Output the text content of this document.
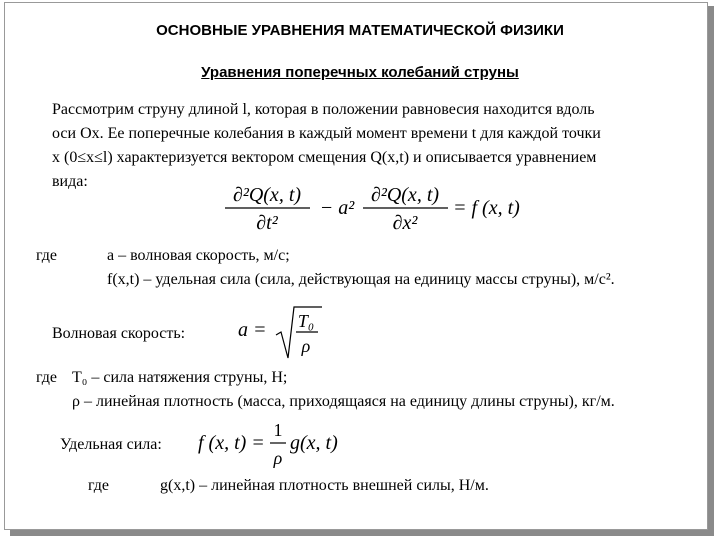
ОСНОВНЫЕ УРАВНЕНИЯ МАТЕМАТИЧЕСКОЙ ФИЗИКИ
Уравнения поперечных колебаний струны
Рассмотрим струну длиной l, которая в положении равновесия находится вдоль
оси Ох. Ее поперечные колебания в каждый момент времени t для каждой точки
x (0≤x≤l) характеризуется вектором смещения Q(x,t) и описывается уравнением
вида:
∂²Q(x, t)
∂t²
− a²
∂²Q(x, t)
∂x²
= f (x, t)
где	a – волновая скорость, м/с;
f(x,t) – удельная сила (сила, действующая на единицу массы струны), м/с².
Волновая скорость:	a = T₀
ρ
где T₀ – сила натяжения струны, Н;
ρ – линейная плотность (масса, приходящаяся на единицу длины струны), кг/м.
Удельная сила: f (x, t) =
1
ρ
g(x, t)
где	g(x,t) – линейная плотность внешней силы, Н/м.
